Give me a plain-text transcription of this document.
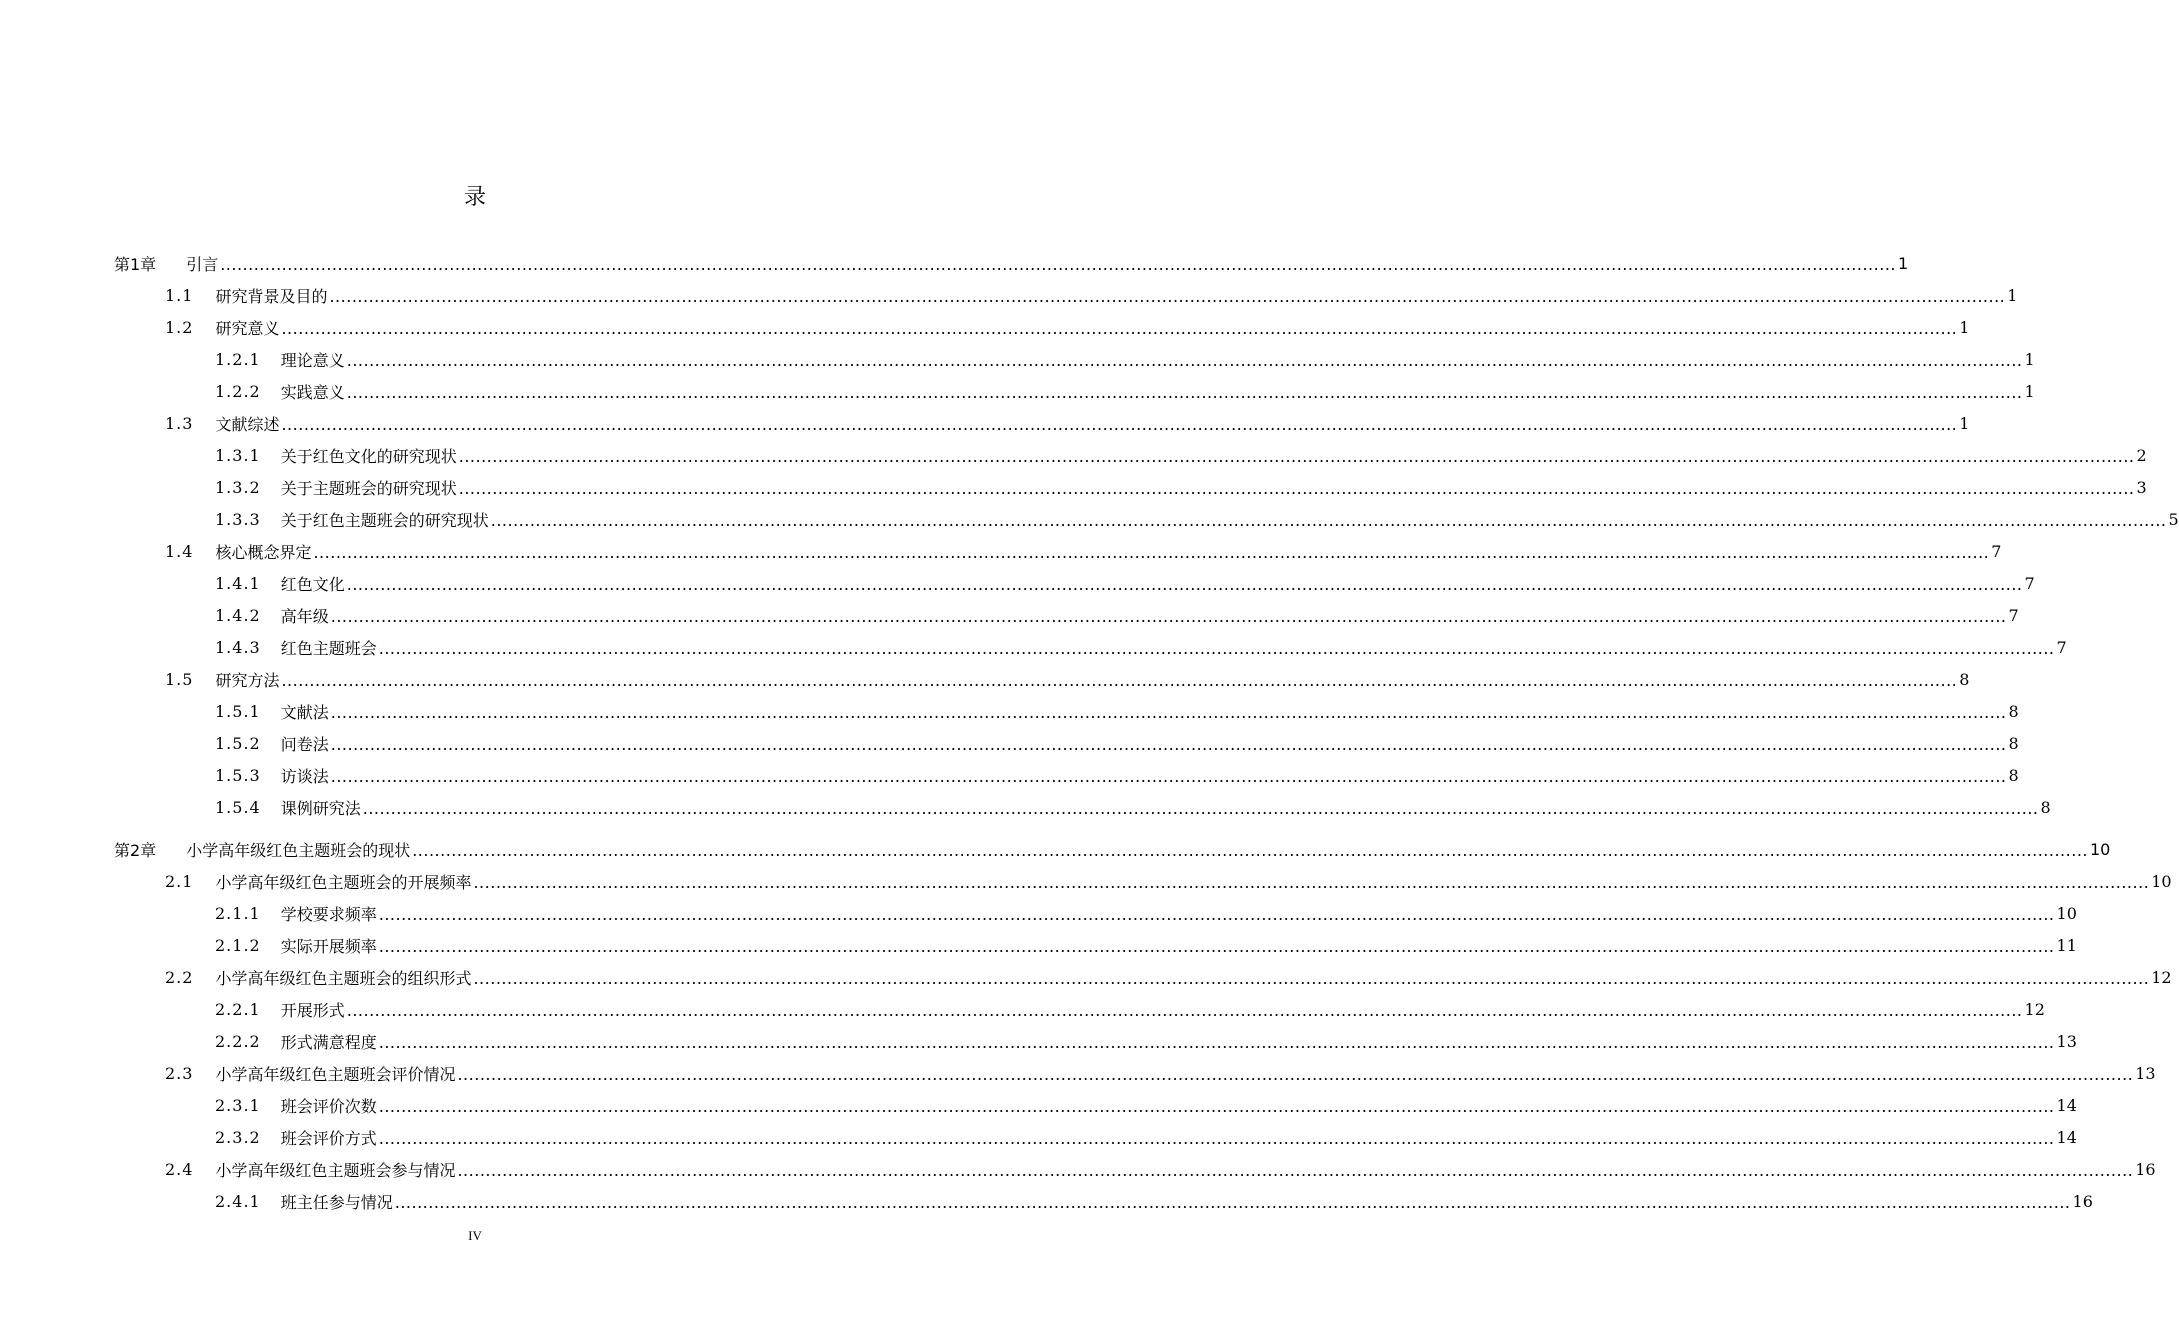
录
第1章 引言 ............................................................................................................................................................................................................................................................................................................ 1
1.1 研究背景及目的 ............................................................................................................................................................................................................................................................................................................ 1
1.2 研究意义 ............................................................................................................................................................................................................................................................................................................ 1
1.2.1 理论意义 ............................................................................................................................................................................................................................................................................................................ 1
1.2.2 实践意义 ............................................................................................................................................................................................................................................................................................................ 1
1.3 文献综述 ............................................................................................................................................................................................................................................................................................................ 1
1.3.1 关于红色文化的研究现状 ............................................................................................................................................................................................................................................................................................................ 2
1.3.2 关于主题班会的研究现状 ............................................................................................................................................................................................................................................................................................................ 3
1.3.3 关于红色主题班会的研究现状 ............................................................................................................................................................................................................................................................................................................ 5
1.4 核心概念界定 ............................................................................................................................................................................................................................................................................................................ 7
1.4.1 红色文化 ............................................................................................................................................................................................................................................................................................................ 7
1.4.2 高年级 ............................................................................................................................................................................................................................................................................................................ 7
1.4.3 红色主题班会 ............................................................................................................................................................................................................................................................................................................ 7
1.5 研究方法 ............................................................................................................................................................................................................................................................................................................ 8
1.5.1 文献法 ............................................................................................................................................................................................................................................................................................................ 8
1.5.2 问卷法 ............................................................................................................................................................................................................................................................................................................ 8
1.5.3 访谈法 ............................................................................................................................................................................................................................................................................................................ 8
1.5.4 课例研究法 ............................................................................................................................................................................................................................................................................................................ 8
第2章 小学高年级红色主题班会的现状 ............................................................................................................................................................................................................................................................................................................ 10
2.1 小学高年级红色主题班会的开展频率 ............................................................................................................................................................................................................................................................................................................ 10
2.1.1 学校要求频率 ............................................................................................................................................................................................................................................................................................................ 10
2.1.2 实际开展频率 ............................................................................................................................................................................................................................................................................................................ 11
2.2 小学高年级红色主题班会的组织形式 ............................................................................................................................................................................................................................................................................................................ 12
2.2.1 开展形式 ............................................................................................................................................................................................................................................................................................................ 12
2.2.2 形式满意程度 ............................................................................................................................................................................................................................................................................................................ 13
2.3 小学高年级红色主题班会评价情况 ............................................................................................................................................................................................................................................................................................................ 13
2.3.1 班会评价次数 ............................................................................................................................................................................................................................................................................................................ 14
2.3.2 班会评价方式 ............................................................................................................................................................................................................................................................................................................ 14
2.4 小学高年级红色主题班会参与情况 ............................................................................................................................................................................................................................................................................................................ 16
2.4.1 班主任参与情况 ............................................................................................................................................................................................................................................................................................................ 16
IV
